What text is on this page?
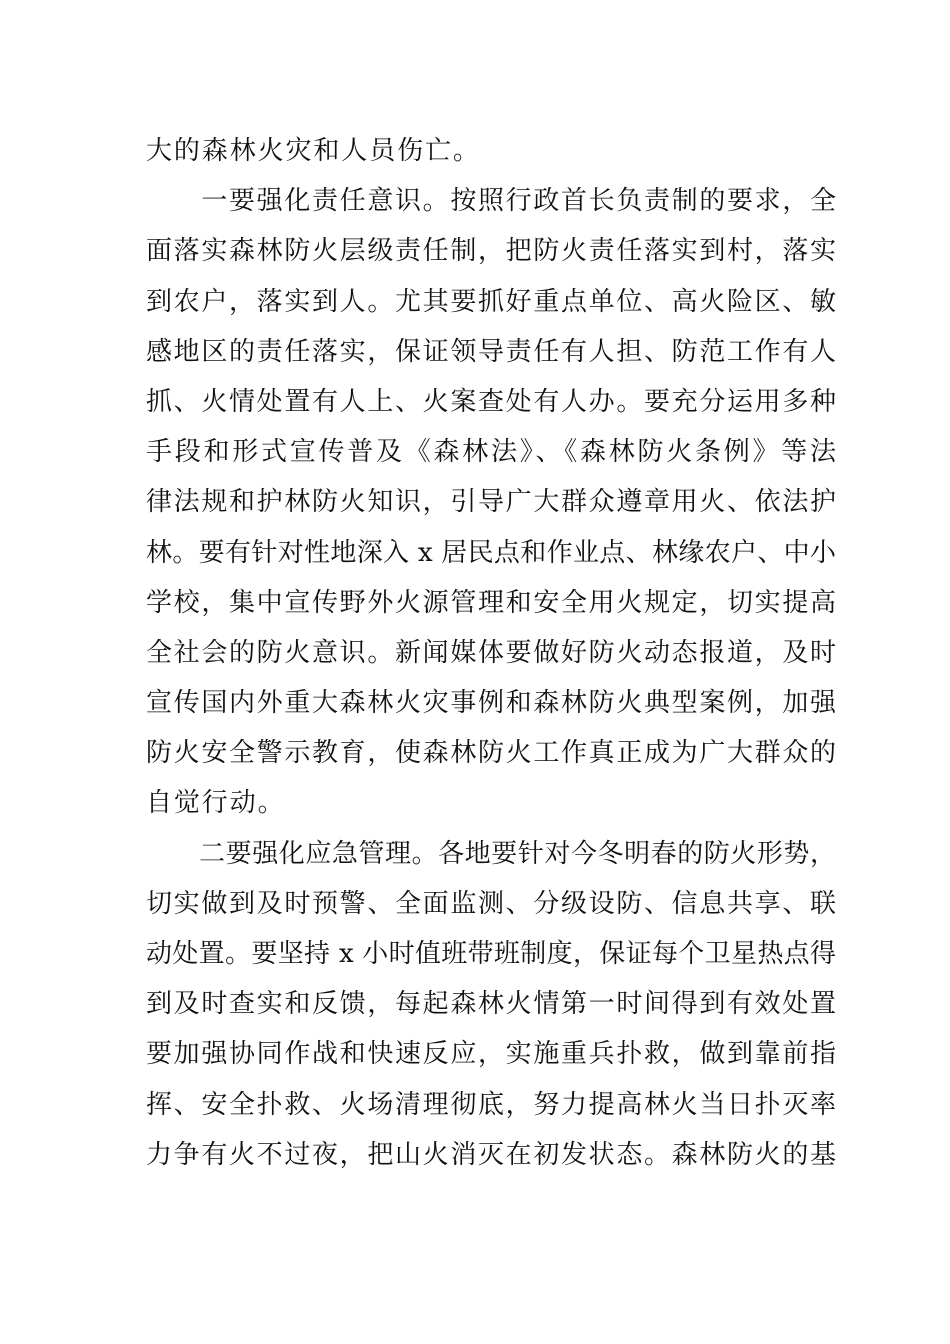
大的森林火灾和人员伤亡。
　　一要强化责任意识。按照行政首长负责制的要求，全
面落实森林防火层级责任制，把防火责任落实到村，落实
到农户，落实到人。尤其要抓好重点单位、高火险区、敏
感地区的责任落实，保证领导责任有人担、防范工作有人
抓、火情处置有人上、火案查处有人办。要充分运用多种
手段和形式宣传普及《森林法》、《森林防火条例》等法
律法规和护林防火知识，引导广大群众遵章用火、依法护
林。要有针对性地深入 x 居民点和作业点、林缘农户、中小
学校，集中宣传野外火源管理和安全用火规定，切实提高
全社会的防火意识。新闻媒体要做好防火动态报道，及时
宣传国内外重大森林火灾事例和森林防火典型案例，加强
防火安全警示教育，使森林防火工作真正成为广大群众的
自觉行动。
　　二要强化应急管理。各地要针对今冬明春的防火形势，
切实做到及时预警、全面监测、分级设防、信息共享、联
动处置。要坚持 x 小时值班带班制度，保证每个卫星热点得
到及时查实和反馈，每起森林火情第一时间得到有效处置
要加强协同作战和快速反应，实施重兵扑救，做到靠前指
挥、安全扑救、火场清理彻底，努力提高林火当日扑灭率
力争有火不过夜，把山火消灭在初发状态。森林防火的基
